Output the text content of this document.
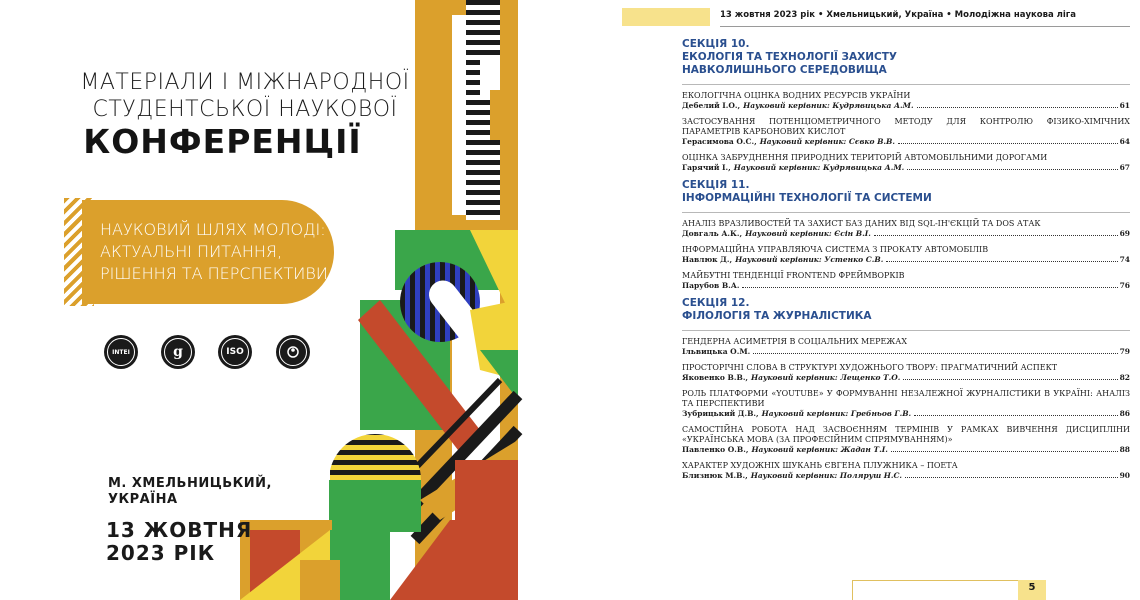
МАТЕРІАЛИ І МІЖНАРОДНОЇ
СТУДЕНТСЬКОЇ НАУКОВОЇ
КОНФЕРЕНЦІЇ
НАУКОВИЙ ШЛЯХ МОЛОДІ:
АКТУАЛЬНІ ПИТАННЯ,
РІШЕННЯ ТА ПЕРСПЕКТИВИ
INTEI	g	ISO
М. ХМЕЛЬНИЦЬКИЙ,
УКРАЇНА
13 ЖОВТНЯ
2023 РІК
13 жовтня 2023 рік • Хмельницький, Україна • Молодіжна наукова ліга
СЕКЦІЯ 10.
ЕКОЛОГІЯ ТА ТЕХНОЛОГІЇ ЗАХИСТУ
НАВКОЛИШНЬОГО СЕРЕДОВИЩА
ЕКОЛОГІЧНА ОЦІНКА ВОДНИХ РЕСУРСІВ УКРАЇНИ
Дебелий І.О., Науковий керівник: Кудрявицька А.М.	61
ЗАСТОСУВАННЯ ПОТЕНЦІОМЕТРИЧНОГО МЕТОДУ ДЛЯ КОНТРОЛЮ ФІЗИКО-ХІМІЧНИХ ПАРАМЕТРІВ КАРБОНОВИХ КИСЛОТ
Герасимова О.С., Науковий керівник: Сєвко В.В.	64
ОЦІНКА ЗАБРУДНЕННЯ ПРИРОДНИХ ТЕРИТОРІЙ АВТОМОБІЛЬНИМИ ДОРОГАМИ
Гарячий І., Науковий керівник: Кудрявицька А.М.	67
СЕКЦІЯ 11.
ІНФОРМАЦІЙНІ ТЕХНОЛОГІЇ ТА СИСТЕМИ
АНАЛІЗ ВРАЗЛИВОСТЕЙ ТА ЗАХИСТ БАЗ ДАНИХ ВІД SQL-ІН'ЄКЦІЙ ТА DOS АТАК
Довгаль А.К., Науковий керівник: Єсін В.І.	69
ІНФОРМАЦІЙНА УПРАВЛЯЮЧА СИСТЕМА З ПРОКАТУ АВТОМОБІЛІВ
Навлюк Д., Науковий керівник: Устенко С.В.	74
МАЙБУТНІ ТЕНДЕНЦІЇ FRONTEND ФРЕЙМВОРКІВ
Парубов В.А.	76
СЕКЦІЯ 12.
ФІЛОЛОГІЯ ТА ЖУРНАЛІСТИКА
ГЕНДЕРНА АСИМЕТРІЯ В СОЦІАЛЬНИХ МЕРЕЖАХ
Ільвицька О.М.	79
ПРОСТОРІЧНІ СЛОВА В СТРУКТУРІ ХУДОЖНЬОГО ТВОРУ: ПРАГМАТИЧНИЙ АСПЕКТ
Яковенко В.В., Науковий керівник: Лещенко Т.О.	82
РОЛЬ ПЛАТФОРМИ «YOUTUBE» У ФОРМУВАННІ НЕЗАЛЕЖНОЇ ЖУРНАЛІСТИКИ В УКРАЇНІ: АНАЛІЗ ТА ПЕРСПЕКТИВИ
Зубрицький Д.В., Науковий керівник: Гребньов Г.В.	86
САМОСТІЙНА РОБОТА НАД ЗАСВОЄННЯМ ТЕРМІНІВ У РАМКАХ ВИВЧЕННЯ ДИСЦИПЛІНИ «УКРАЇНСЬКА МОВА (ЗА ПРОФЕСІЙНИМ СПРЯМУВАННЯМ)»
Павленко О.В., Науковий керівник: Жадан Т.І.	88
ХАРАКТЕР ХУДОЖНІХ ШУКАНЬ ЄВГЕНА ПЛУЖНИКА – ПОЕТА
Близнюк М.В., Науковий керівник: Поляруш Н.С.	90
5
